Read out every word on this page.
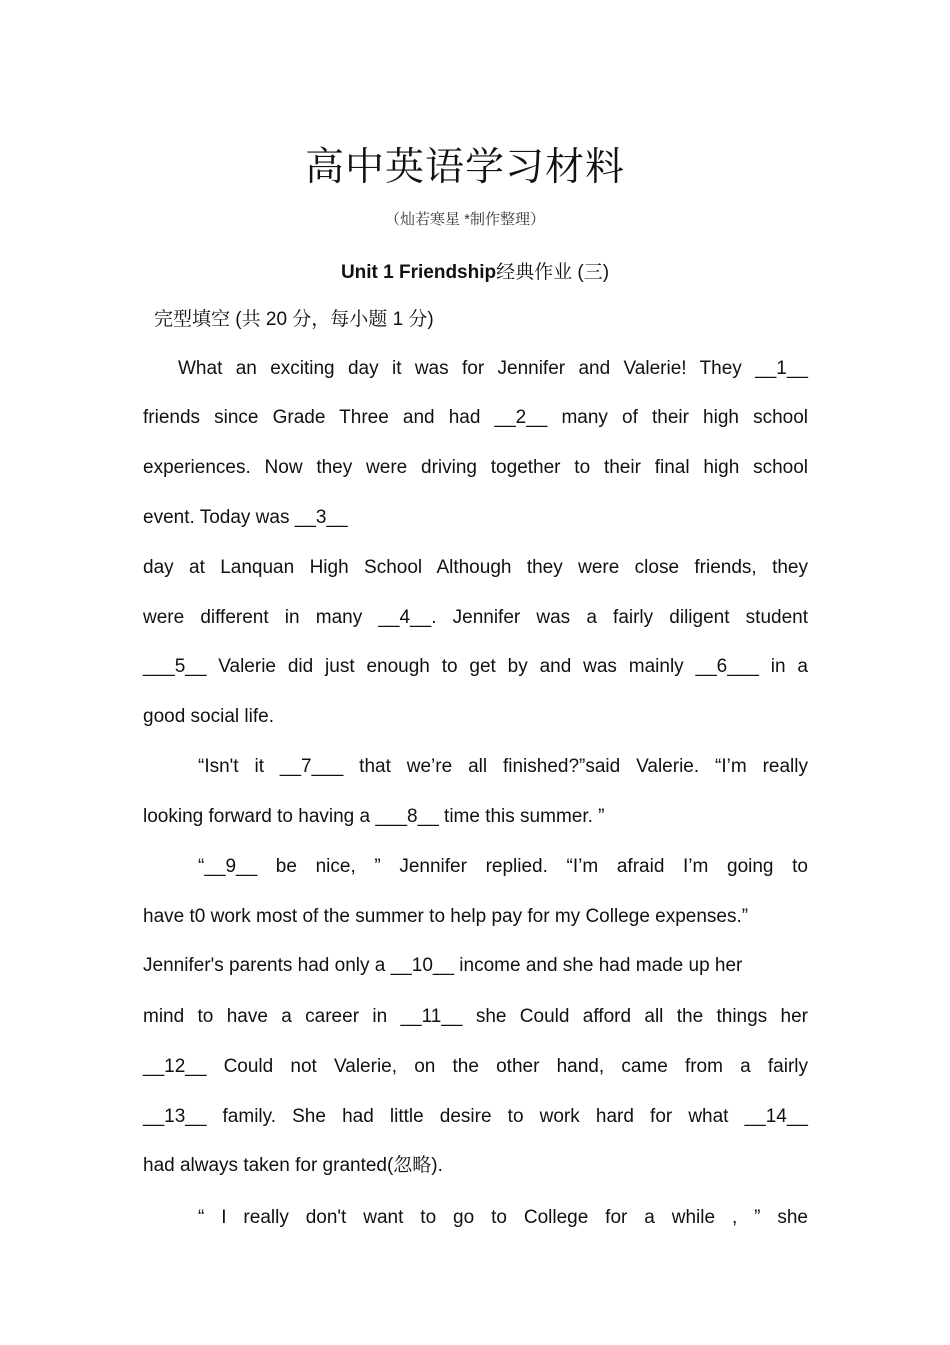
高中英语学习材料
（灿若寒星 *制作整理）
Unit 1 Friendship经典作业 (三)
完型填空 (共 20 分，每小题 1 分)
What an exciting day it was for Jennifer and Valerie! They __1__
friends since Grade Three and had __2__ many of their high school
experiences. Now they were driving together to their final high school
event. Today was __3__
day at Lanquan High School Although they were close friends, they
were different in many __4__. Jennifer was a fairly diligent student
___5__ Valerie did just enough to get by and was mainly __6___ in a
good social life.
“Isn't it __7___ that we’re all finished?”said Valerie. “I’m really
looking forward to having a ___8__ time this summer. ”
“__9__ be nice, ” Jennifer replied. “I’m afraid I’m going to
have t0 work most of the summer to help pay for my College expenses.”
Jennifer's parents had only a __10__ income and she had made up her
mind to have a career in __11__ she Could afford all the things her
__12__ Could not Valerie, on the other hand, came from a fairly
__13__ family. She had little desire to work hard for what __14__
had always taken for granted(忽略).
“ I really don't want to go to College for a while , ” she
